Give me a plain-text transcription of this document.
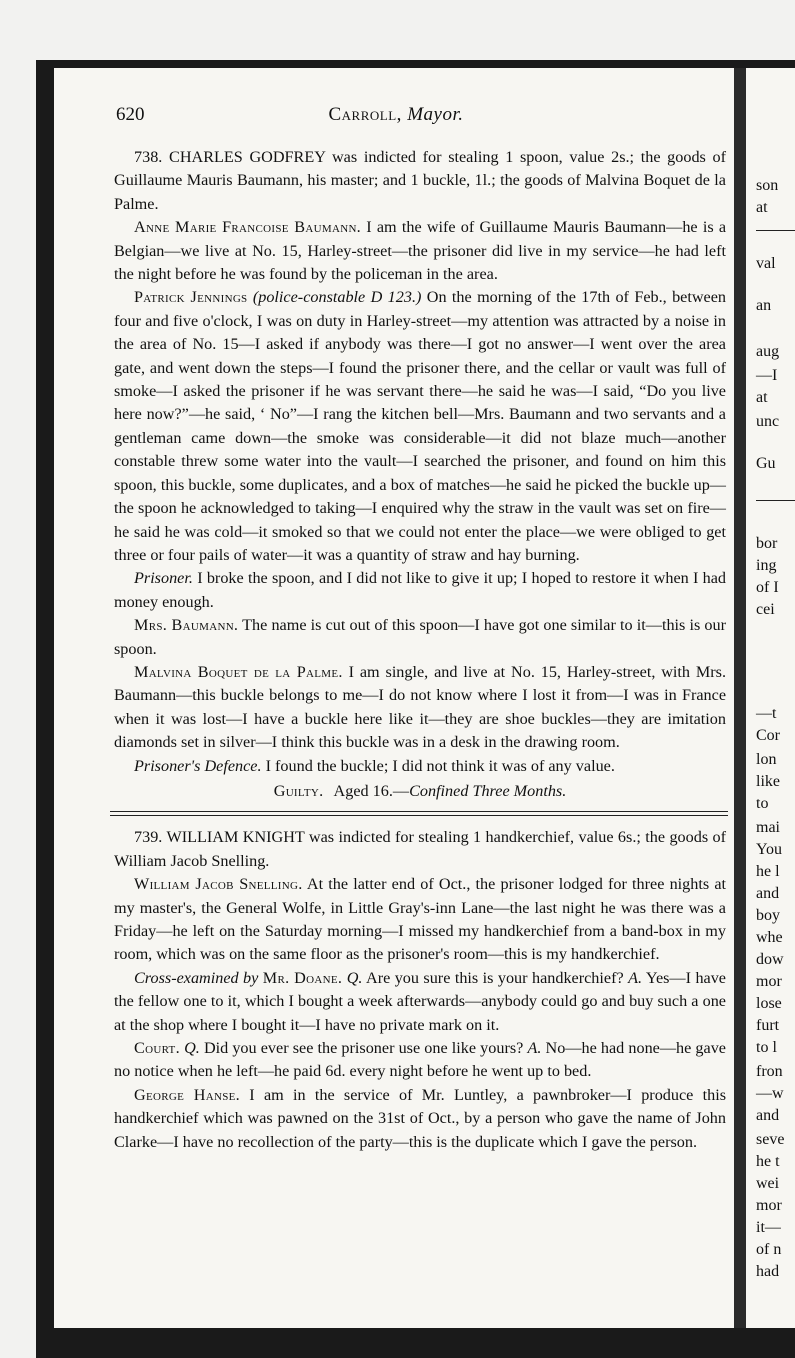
620	Carroll, Mayor.

738. CHARLES GODFREY was indicted for stealing 1 spoon, value 2s.; the goods of Guillaume Mauris Baumann, his master; and 1 buckle, 1l.; the goods of Malvina Boquet de la Palme.

Anne Marie Francoise Baumann. I am the wife of Guillaume Mauris Baumann—he is a Belgian—we live at No. 15, Harley-street—the prisoner did live in my service—he had left the night before he was found by the policeman in the area.

Patrick Jennings (police-constable D 123.) On the morning of the 17th of Feb., between four and five o'clock, I was on duty in Harley-street—my attention was attracted by a noise in the area of No. 15—I asked if anybody was there—I got no answer—I went over the area gate, and went down the steps—I found the prisoner there, and the cellar or vault was full of smoke—I asked the prisoner if he was servant there—he said he was—I said, “Do you live here now?”—he said, ‘ No”—I rang the kitchen bell—Mrs. Baumann and two servants and a gentleman came down—the smoke was considerable—it did not blaze much—another constable threw some water into the vault—I searched the prisoner, and found on him this spoon, this buckle, some duplicates, and a box of matches—he said he picked the buckle up—the spoon he acknowledged to taking—I enquired why the straw in the vault was set on fire—he said he was cold—it smoked so that we could not enter the place—we were obliged to get three or four pails of water—it was a quantity of straw and hay burning.

Prisoner. I broke the spoon, and I did not like to give it up; I hoped to restore it when I had money enough.

Mrs. Baumann. The name is cut out of this spoon—I have got one similar to it—this is our spoon.

Malvina Boquet de la Palme. I am single, and live at No. 15, Harley-street, with Mrs. Baumann—this buckle belongs to me—I do not know where I lost it from—I was in France when it was lost—I have a buckle here like it—they are shoe buckles—they are imitation diamonds set in silver—I think this buckle was in a desk in the drawing room.

Prisoner's Defence. I found the buckle; I did not think it was of any value.

Guilty. Aged 16.—Confined Three Months.

739. WILLIAM KNIGHT was indicted for stealing 1 handkerchief, value 6s.; the goods of William Jacob Snelling.

William Jacob Snelling. At the latter end of Oct., the prisoner lodged for three nights at my master's, the General Wolfe, in Little Gray's-inn Lane—the last night he was there was a Friday—he left on the Saturday morning—I missed my handkerchief from a band-box in my room, which was on the same floor as the prisoner's room—this is my handkerchief.

Cross-examined by Mr. Doane. Q. Are you sure this is your handkerchief? A. Yes—I have the fellow one to it, which I bought a week afterwards—anybody could go and buy such a one at the shop where I bought it—I have no private mark on it.

Court. Q. Did you ever see the prisoner use one like yours? A. No—he had none—he gave no notice when he left—he paid 6d. every night before he went up to bed.

George Hanse. I am in the service of Mr. Luntley, a pawnbroker—I produce this handkerchief which was pawned on the 31st of Oct., by a person who gave the name of John Clarke—I have no recollection of the party—this is the duplicate which I gave the person.

son
at
val
an
aug
—I
at
unc
Gu
bor
ing
of I
cei
—t
Cor
lon
like
to
mai
You
he l
and
boy
whe
dow
mor
lose
furt
to l
fron
—w
and
seve
he t
wei
mor
it—
of n
had
